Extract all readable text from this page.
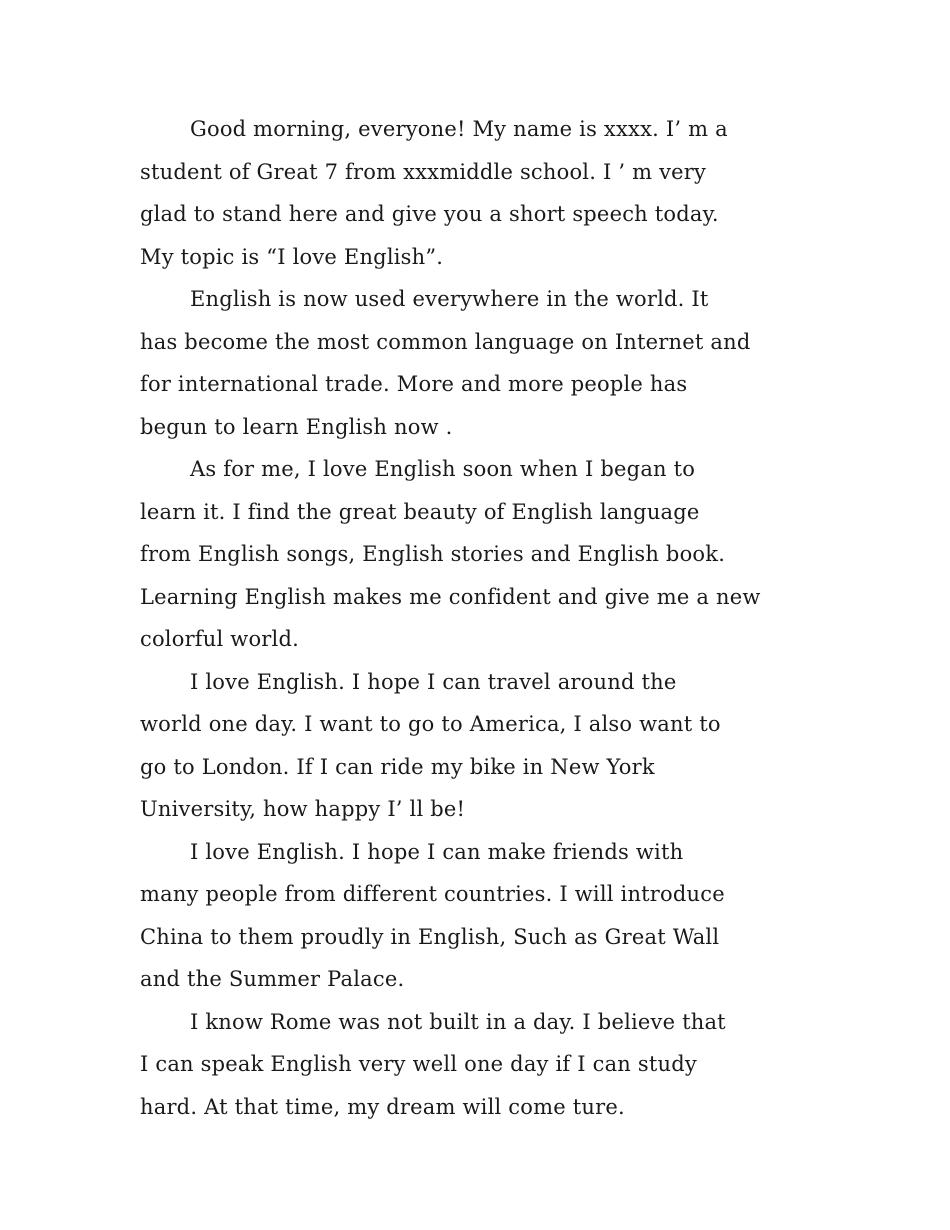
Good morning, everyone! My name is xxxx. I’ m a
student of Great 7 from xxxmiddle school. I ’ m very
glad to stand here and give you a short speech today.
My topic is “I love English”.
English is now used everywhere in the world. It
has become the most common language on Internet and
for international trade. More and more people has
begun to learn English now .
As for me, I love English soon when I began to
learn it. I find the great beauty of English language
from English songs, English stories and English book.
Learning English makes me confident and give me a new
colorful world.
I love English. I hope I can travel around the
world one day. I want to go to America, I also want to
go to London. If I can ride my bike in New York
University, how happy I’ ll be!
I love English. I hope I can make friends with
many people from different countries. I will introduce
China to them proudly in English, Such as Great Wall
and the Summer Palace.
I know Rome was not built in a day. I believe that
I can speak English very well one day if I can study
hard. At that time, my dream will come ture.
